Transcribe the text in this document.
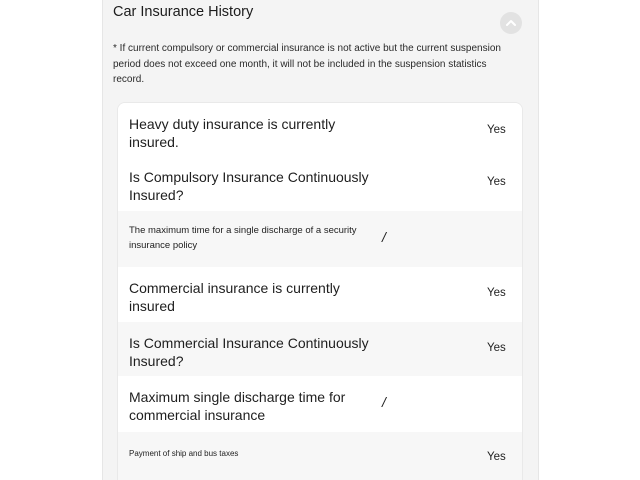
Car Insurance History
* If current compulsory or commercial insurance is not active but the current suspension period does not exceed one month, it will not be included in the suspension statistics record.
Heavy duty insurance is currently insured.
Yes
Is Compulsory Insurance Continuously Insured?
Yes
The maximum time for a single discharge of a security insurance policy
/
Commercial insurance is currently insured
Yes
Is Commercial Insurance Continuously Insured?
Yes
Maximum single discharge time for commercial insurance
/
Payment of ship and bus taxes	Yes
